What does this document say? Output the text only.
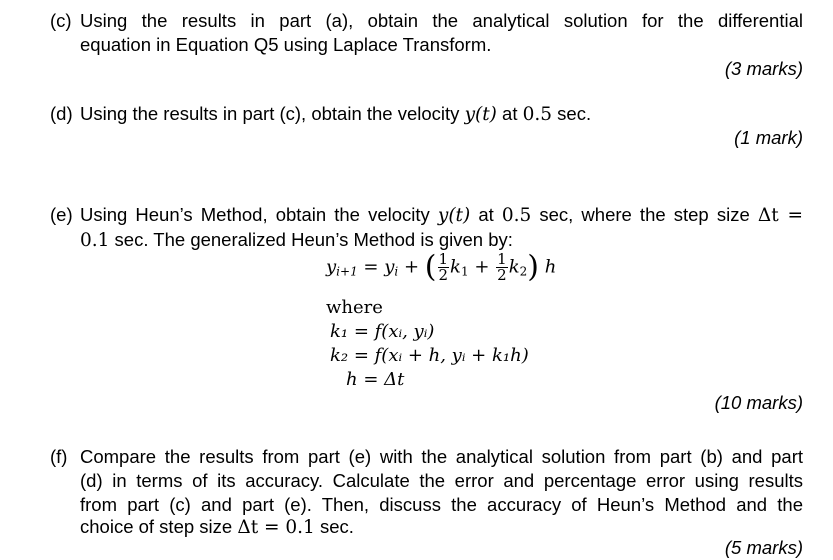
(c) Using the results in part (a), obtain the analytical solution for the differential
equation in Equation Q5 using Laplace Transform.
(3 marks)
(d) Using the results in part (c), obtain the velocity y(t) at 0.5 sec.
(1 mark)
(e) Using Heun’s Method, obtain the velocity y(t) at 0.5 sec, where the step size Δt =
0.1 sec. The generalized Heun’s Method is given by:
$y_{i+1} = y_i$ + ( $\frac{1}{2} k_1 + \frac{1}{2} k_2$) h
where
k₁ = f(xᵢ, yᵢ)
k₂ = f(xᵢ + h, yᵢ + k₁h)
h = Δt
(10 marks)
(f) Compare the results from part (e) with the analytical solution from part (b) and part
(d) in terms of its accuracy. Calculate the error and percentage error using results
from part (c) and part (e). Then, discuss the accuracy of Heun’s Method and the
choice of step size Δt = 0.1 sec.
(5 marks)
